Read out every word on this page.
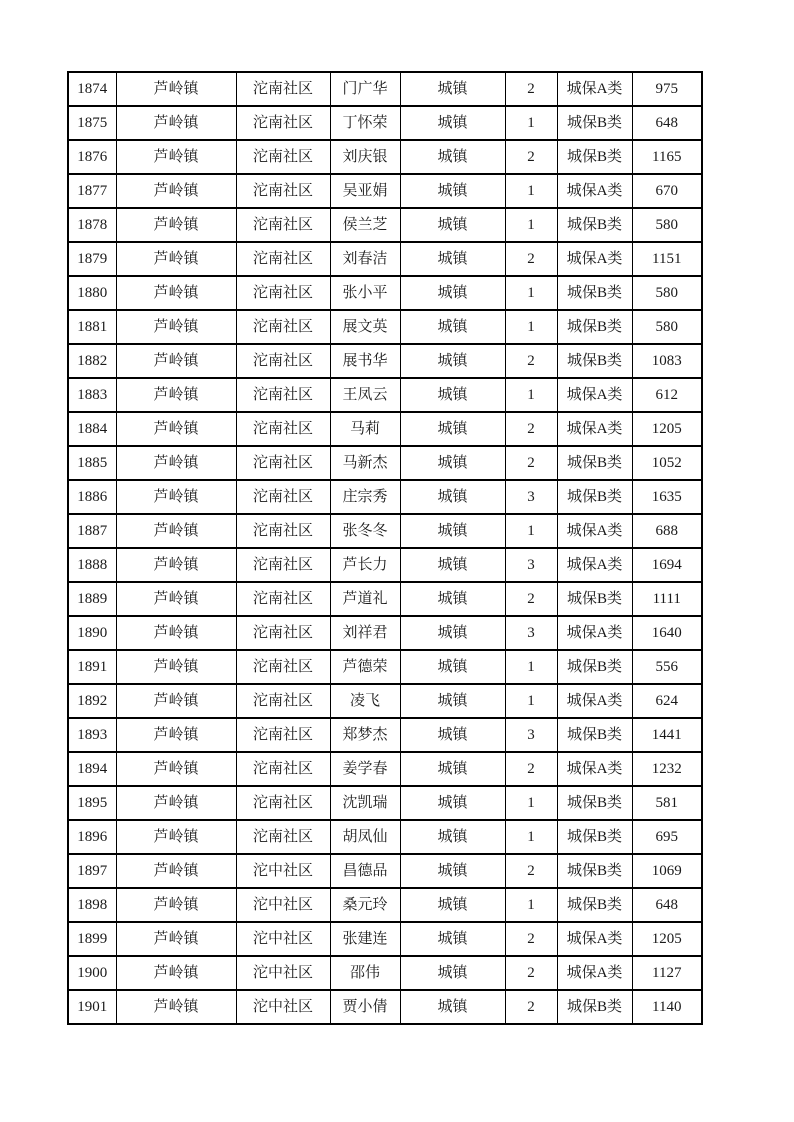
1874	芦岭镇	沱南社区	门广华	城镇	2	城保A类	975
1875	芦岭镇	沱南社区	丁怀荣	城镇	1	城保B类	648
1876	芦岭镇	沱南社区	刘庆银	城镇	2	城保B类	1165
1877	芦岭镇	沱南社区	吴亚娟	城镇	1	城保A类	670
1878	芦岭镇	沱南社区	侯兰芝	城镇	1	城保B类	580
1879	芦岭镇	沱南社区	刘春洁	城镇	2	城保A类	1151
1880	芦岭镇	沱南社区	张小平	城镇	1	城保B类	580
1881	芦岭镇	沱南社区	展文英	城镇	1	城保B类	580
1882	芦岭镇	沱南社区	展书华	城镇	2	城保B类	1083
1883	芦岭镇	沱南社区	王凤云	城镇	1	城保A类	612
1884	芦岭镇	沱南社区	马莉	城镇	2	城保A类	1205
1885	芦岭镇	沱南社区	马新杰	城镇	2	城保B类	1052
1886	芦岭镇	沱南社区	庄宗秀	城镇	3	城保B类	1635
1887	芦岭镇	沱南社区	张冬冬	城镇	1	城保A类	688
1888	芦岭镇	沱南社区	芦长力	城镇	3	城保A类	1694
1889	芦岭镇	沱南社区	芦道礼	城镇	2	城保B类	1111
1890	芦岭镇	沱南社区	刘祥君	城镇	3	城保A类	1640
1891	芦岭镇	沱南社区	芦德荣	城镇	1	城保B类	556
1892	芦岭镇	沱南社区	凌飞	城镇	1	城保A类	624
1893	芦岭镇	沱南社区	郑梦杰	城镇	3	城保B类	1441
1894	芦岭镇	沱南社区	姜学春	城镇	2	城保A类	1232
1895	芦岭镇	沱南社区	沈凯瑞	城镇	1	城保B类	581
1896	芦岭镇	沱南社区	胡凤仙	城镇	1	城保B类	695
1897	芦岭镇	沱中社区	昌德品	城镇	2	城保B类	1069
1898	芦岭镇	沱中社区	桑元玲	城镇	1	城保B类	648
1899	芦岭镇	沱中社区	张建连	城镇	2	城保A类	1205
1900	芦岭镇	沱中社区	邵伟	城镇	2	城保A类	1127
1901	芦岭镇	沱中社区	贾小倩	城镇	2	城保B类	1140
